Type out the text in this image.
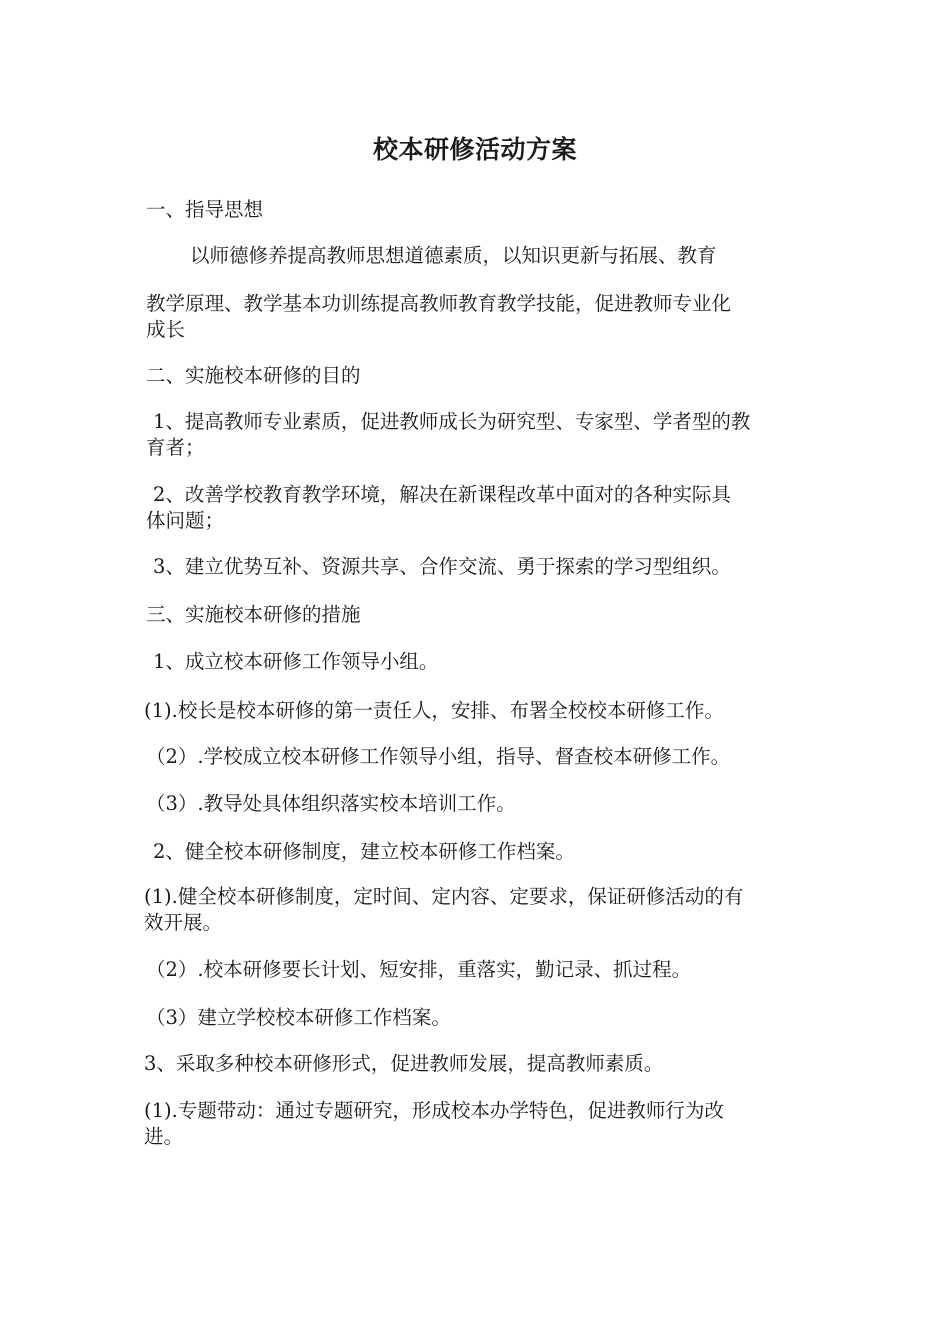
校本研修活动方案
一、指导思想
以师德修养提高教师思想道德素质，以知识更新与拓展、教育
教学原理、教学基本功训练提高教师教育教学技能，促进教师专业化
成长
二、实施校本研修的目的
1、提高教师专业素质，促进教师成长为研究型、专家型、学者型的教
育者；
2、改善学校教育教学环境，解决在新课程改革中面对的各种实际具
体问题；
3、建立优势互补、资源共享、合作交流、勇于探索的学习型组织。
三、实施校本研修的措施
1、成立校本研修工作领导小组。
(1).校长是校本研修的第一责任人，安排、布署全校校本研修工作。
（2）.学校成立校本研修工作领导小组，指导、督查校本研修工作。
（3）.教导处具体组织落实校本培训工作。
2、健全校本研修制度，建立校本研修工作档案。
(1).健全校本研修制度，定时间、定内容、定要求，保证研修活动的有
效开展。
（2）.校本研修要长计划、短安排，重落实，勤记录、抓过程。
（3）建立学校校本研修工作档案。
3、采取多种校本研修形式，促进教师发展，提高教师素质。
(1).专题带动：通过专题研究，形成校本办学特色，促进教师行为改
进。
